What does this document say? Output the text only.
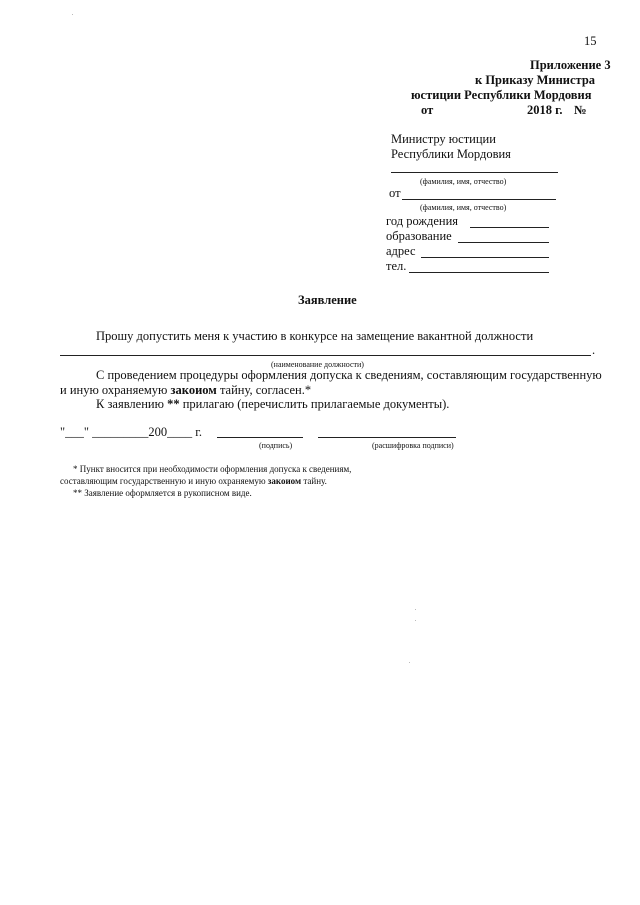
15
Приложение 3
к Приказу Министра
юстиции Республики Мордовия
от	2018 г. №
Министру юстиции
Республики Мордовия
(фамилия, имя, отчество)
от
(фамилия, имя, отчество)
год рождения
образование
адрес
тел.
Заявление
Прошу допустить меня к участию в конкурсе на замещение вакантной должности
.
(наименование должности)
С проведением процедуры оформления допуска к сведениям, составляющим государственную
и иную охраняемую закоиом тайну, согласен.*
К заявлению ** прилагаю (перечислить прилагаемые документы).
"___" _________200____ г.
(подпись)	(расшифровка подписи)
* Пункт вносится при необходимости оформления допуска к сведениям,
составляющим государственную и иную охраняемую закоиом тайну.
** Заявление оформляется в рукописном виде.
